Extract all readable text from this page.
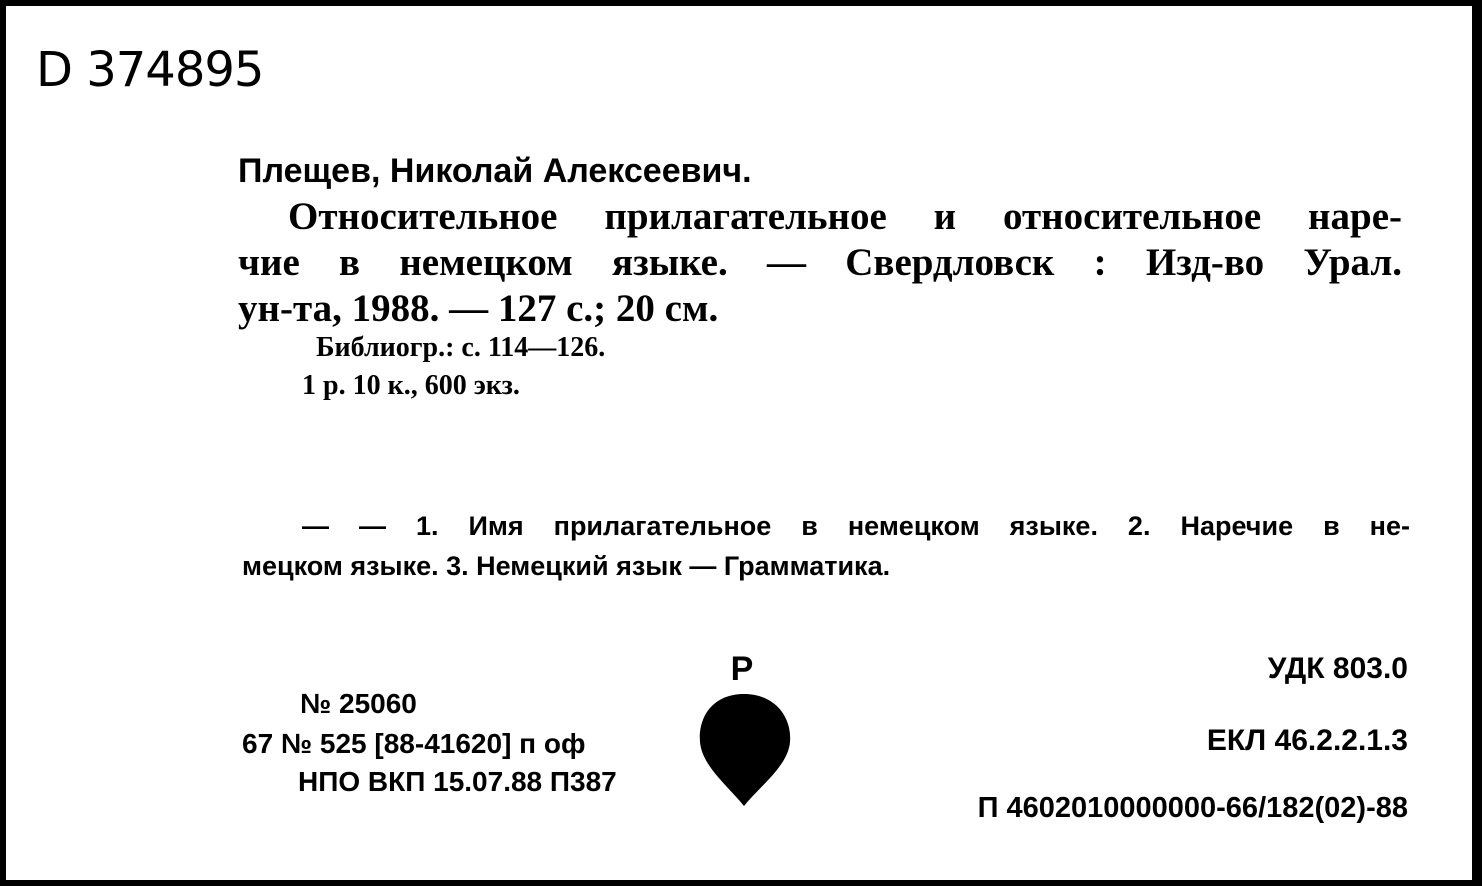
D 374895
Плещев, Николай Алексеевич.
Относительное прилагательное и относительное наре-
чие в немецком языке. — Свердловск : Изд-во Урал.
ун-та, 1988. — 127 с.; 20 см.
Библиогр.: с. 114—126.
1 р. 10 к., 600 экз.
— — 1. Имя прилагательное в немецком языке. 2. Наречие в не-
мецком языке. 3. Немецкий язык — Грамматика.
№ 25060
67 № 525 [88-41620] п оф
НПО ВКП 15.07.88 П387
УДК 803.0
ЕКЛ 46.2.2.1.3
П 4602010000000-66/182(02)-88
Р
